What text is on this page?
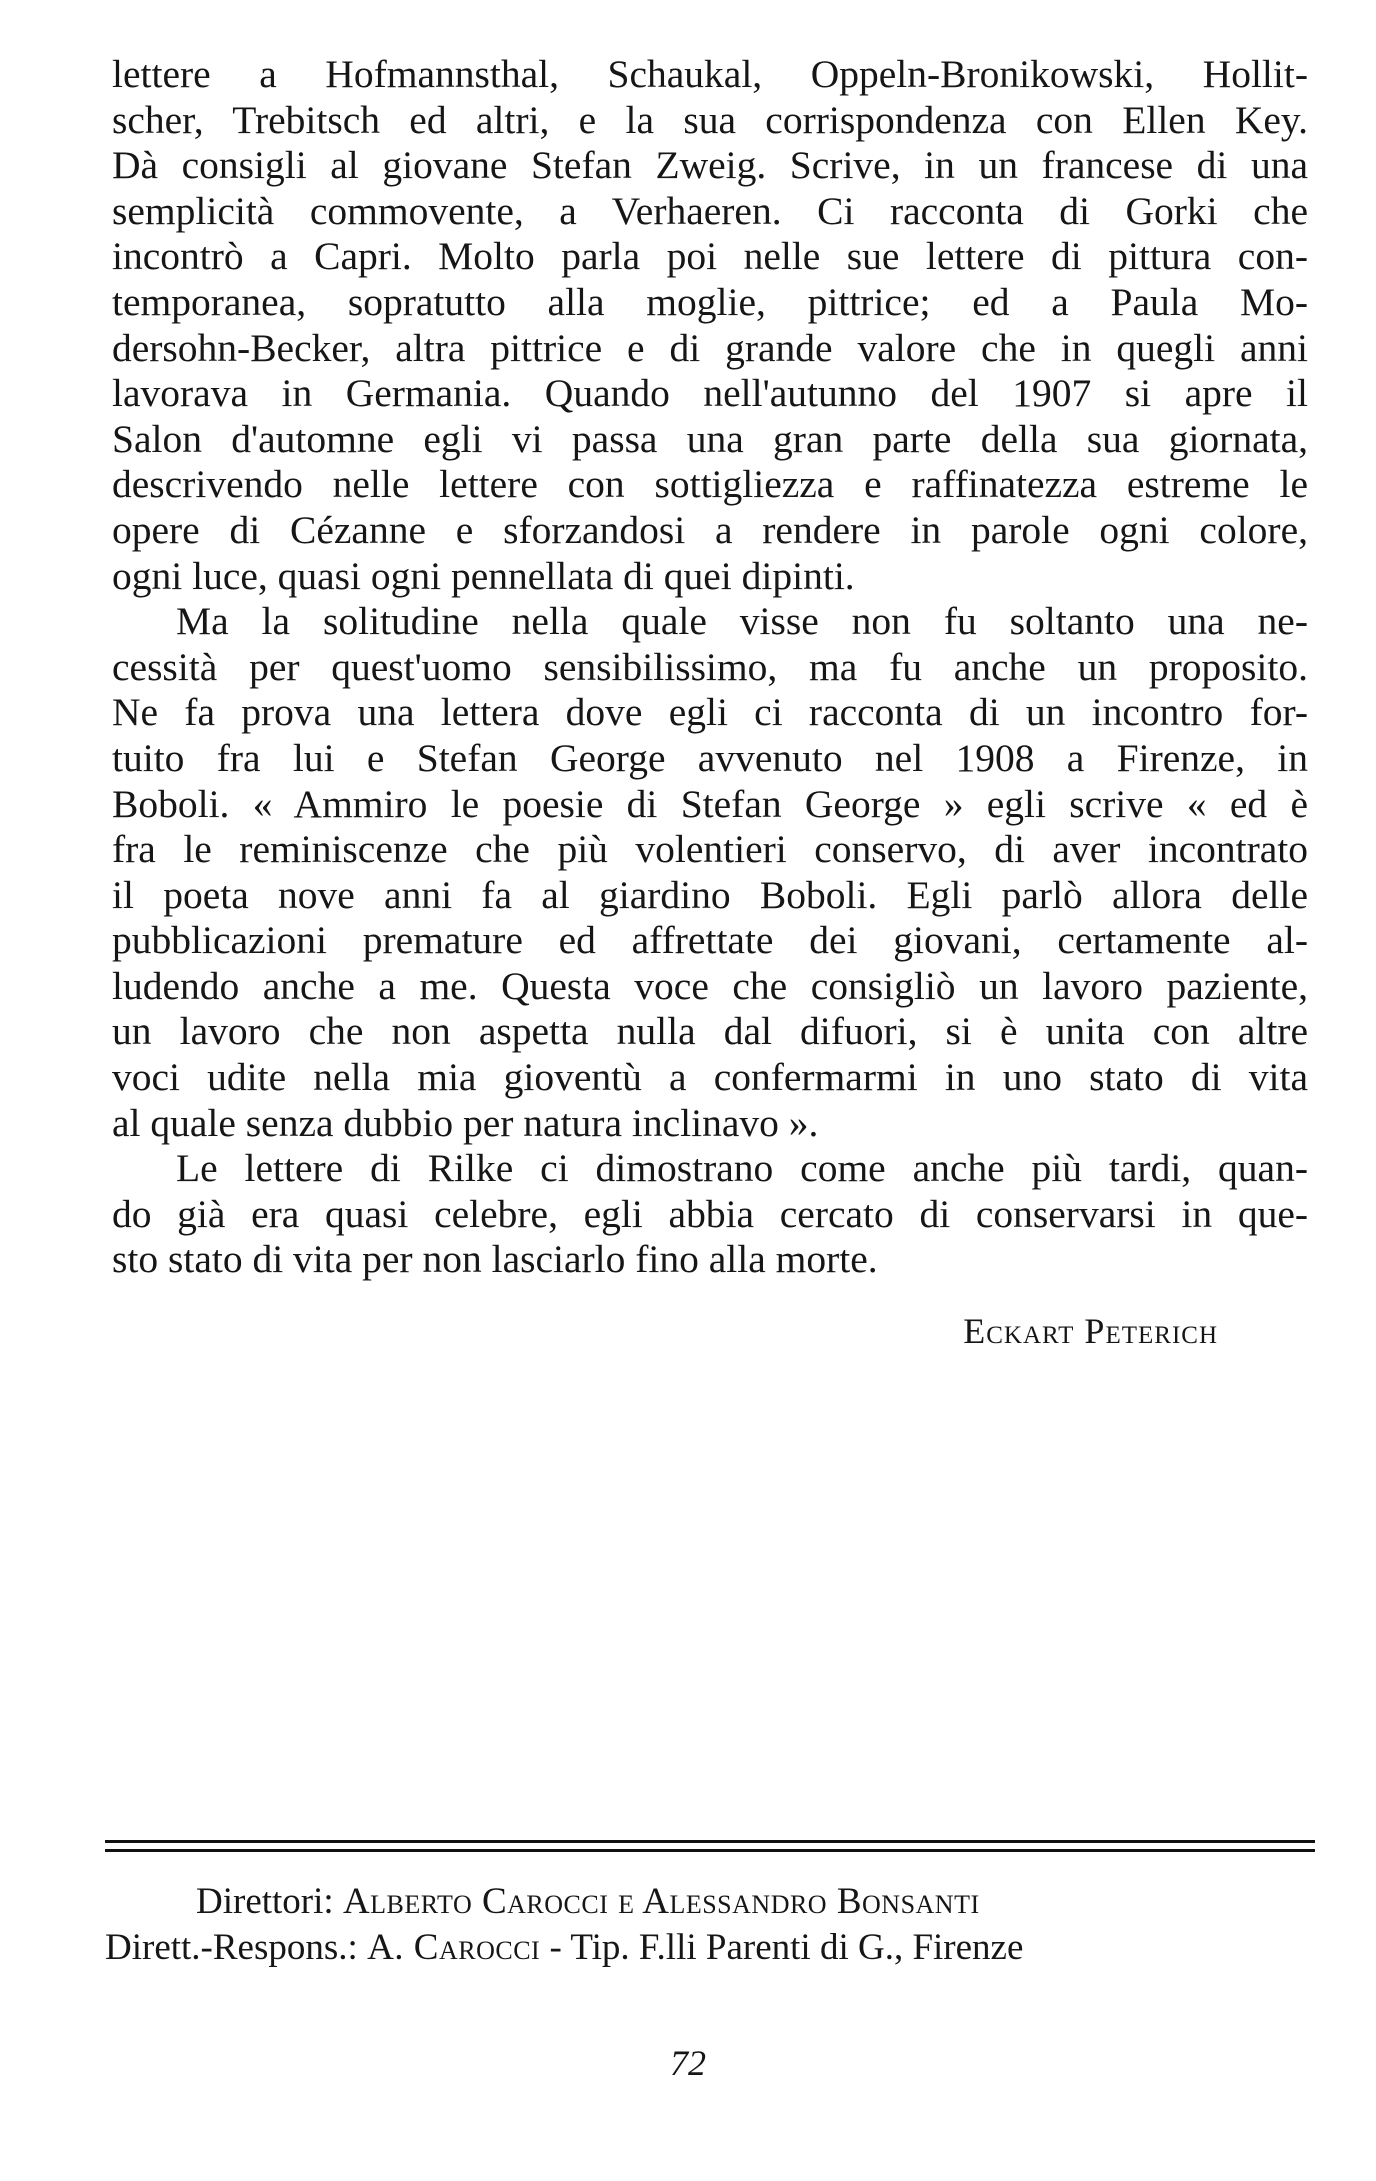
lettere a Hofmannsthal, Schaukal, Oppeln-Bronikowski, Hollit-
scher, Trebitsch ed altri, e la sua corrispondenza con Ellen Key.
Dà consigli al giovane Stefan Zweig. Scrive, in un francese di una
semplicità commovente, a Verhaeren. Ci racconta di Gorki che
incontrò a Capri. Molto parla poi nelle sue lettere di pittura con-
temporanea, sopratutto alla moglie, pittrice; ed a Paula Mo-
dersohn-Becker, altra pittrice e di grande valore che in quegli anni
lavorava in Germania. Quando nell'autunno del 1907 si apre il
Salon d'automne egli vi passa una gran parte della sua giornata,
descrivendo nelle lettere con sottigliezza e raffinatezza estreme le
opere di Cézanne e sforzandosi a rendere in parole ogni colore,
ogni luce, quasi ogni pennellata di quei dipinti.
Ma la solitudine nella quale visse non fu soltanto una ne-
cessità per quest'uomo sensibilissimo, ma fu anche un proposito.
Ne fa prova una lettera dove egli ci racconta di un incontro for-
tuito fra lui e Stefan George avvenuto nel 1908 a Firenze, in
Boboli. « Ammiro le poesie di Stefan George » egli scrive « ed è
fra le reminiscenze che più volentieri conservo, di aver incontrato
il poeta nove anni fa al giardino Boboli. Egli parlò allora delle
pubblicazioni premature ed affrettate dei giovani, certamente al-
ludendo anche a me. Questa voce che consigliò un lavoro paziente,
un lavoro che non aspetta nulla dal difuori, si è unita con altre
voci udite nella mia gioventù a confermarmi in uno stato di vita
al quale senza dubbio per natura inclinavo ».
Le lettere di Rilke ci dimostrano come anche più tardi, quan-
do già era quasi celebre, egli abbia cercato di conservarsi in que-
sto stato di vita per non lasciarlo fino alla morte.
Eckart Peterich
Direttori: Alberto Carocci e Alessandro Bonsanti
Dirett.-Respons.: A. Carocci - Tip. F.lli Parenti di G., Firenze
72
